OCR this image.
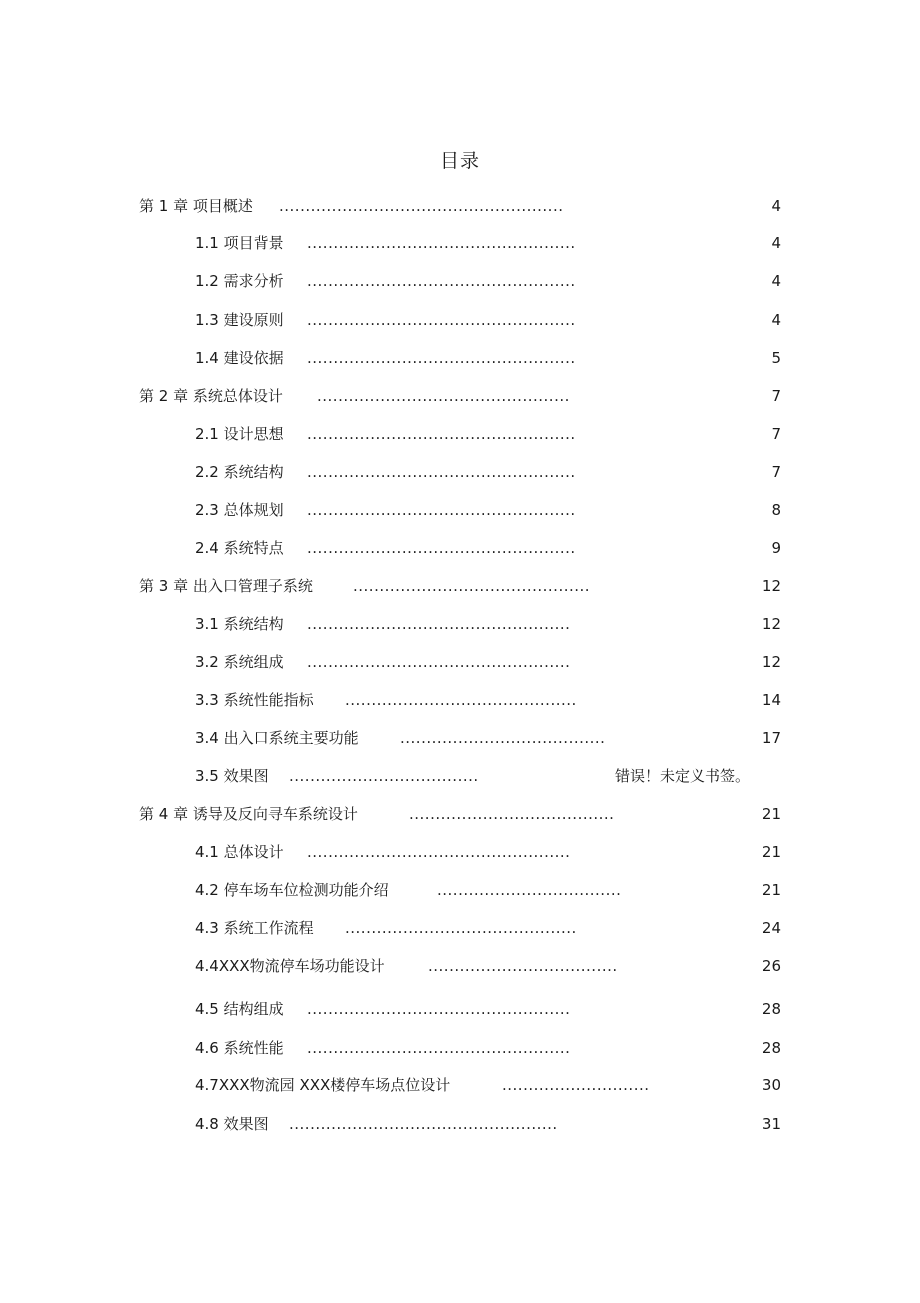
目录
第 1 章 项目概述 ......................................................	4
1.1 项目背景 ...................................................	4
1.2 需求分析 ...................................................	4
1.3 建设原则 ...................................................	4
1.4 建设依据 ...................................................	5
第 2 章 系统总体设计 ................................................	7
2.1 设计思想 ...................................................	7
2.2 系统结构 ...................................................	7
2.3 总体规划 ...................................................	8
2.4 系统特点 ...................................................	9
第 3 章 出入口管理子系统	.............................................	12
3.1 系统结构 ..................................................	12
3.2 系统组成 ..................................................	12
3.3 系统性能指标 ............................................	14
3.4 出入口系统主要功能	.......................................	17
3.5 效果图 ....................................	错误！未定义书签。
第 4 章 诱导及反向寻车系统设计	.......................................	21
4.1 总体设计 ..................................................	21
4.2 停车场车位检测功能介绍	...................................	21
4.3 系统工作流程 ............................................	24
4.4XXX物流停车场功能设计	....................................	26
4.5 结构组成 ..................................................	28
4.6 系统性能 ..................................................	28
4.7XXX物流园 XXX楼停车场点位设计	............................	30
4.8 效果图 ...................................................	31
